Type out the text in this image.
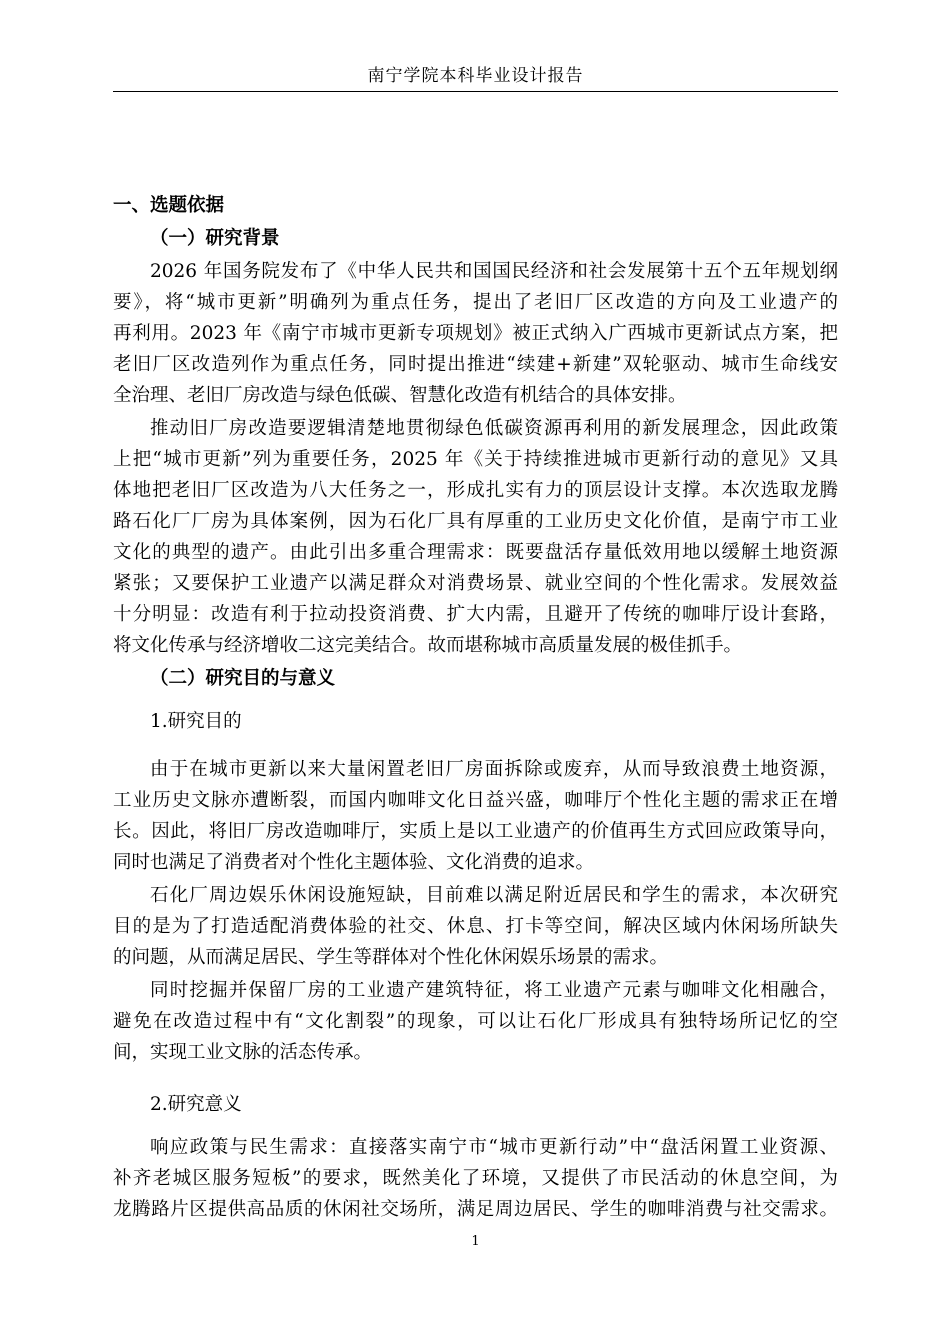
南宁学院本科毕业设计报告
一、选题依据
（一）研究背景
2026 年国务院发布了《中华人民共和国国民经济和社会发展第十五个五年规划纲
要》，将“城市更新”明确列为重点任务，提出了老旧厂区改造的方向及工业遗产的
再利用。2023 年《南宁市城市更新专项规划》被正式纳入广西城市更新试点方案，把
老旧厂区改造列作为重点任务，同时提出推进“续建+新建”双轮驱动、城市生命线安
全治理、老旧厂房改造与绿色低碳、智慧化改造有机结合的具体安排。
推动旧厂房改造要逻辑清楚地贯彻绿色低碳资源再利用的新发展理念，因此政策
上把“城市更新”列为重要任务，2025 年《关于持续推进城市更新行动的意见》又具
体地把老旧厂区改造为八大任务之一，形成扎实有力的顶层设计支撑。本次选取龙腾
路石化厂厂房为具体案例，因为石化厂具有厚重的工业历史文化价值，是南宁市工业
文化的典型的遗产。由此引出多重合理需求：既要盘活存量低效用地以缓解土地资源
紧张；又要保护工业遗产以满足群众对消费场景、就业空间的个性化需求。发展效益
十分明显：改造有利于拉动投资消费、扩大内需，且避开了传统的咖啡厅设计套路，
将文化传承与经济增收二这完美结合。故而堪称城市高质量发展的极佳抓手。
（二）研究目的与意义
1.研究目的
由于在城市更新以来大量闲置老旧厂房面拆除或废弃，从而导致浪费土地资源，
工业历史文脉亦遭断裂，而国内咖啡文化日益兴盛，咖啡厅个性化主题的需求正在增
长。因此，将旧厂房改造咖啡厅，实质上是以工业遗产的价值再生方式回应政策导向，
同时也满足了消费者对个性化主题体验、文化消费的追求。
石化厂周边娱乐休闲设施短缺，目前难以满足附近居民和学生的需求，本次研究
目的是为了打造适配消费体验的社交、休息、打卡等空间，解决区域内休闲场所缺失
的问题，从而满足居民、学生等群体对个性化休闲娱乐场景的需求。
同时挖掘并保留厂房的工业遗产建筑特征，将工业遗产元素与咖啡文化相融合，
避免在改造过程中有“文化割裂”的现象，可以让石化厂形成具有独特场所记忆的空
间，实现工业文脉的活态传承。
2.研究意义
响应政策与民生需求：直接落实南宁市“城市更新行动”中“盘活闲置工业资源、
补齐老城区服务短板”的要求，既然美化了环境，又提供了市民活动的休息空间，为
龙腾路片区提供高品质的休闲社交场所，满足周边居民、学生的咖啡消费与社交需求。
1
